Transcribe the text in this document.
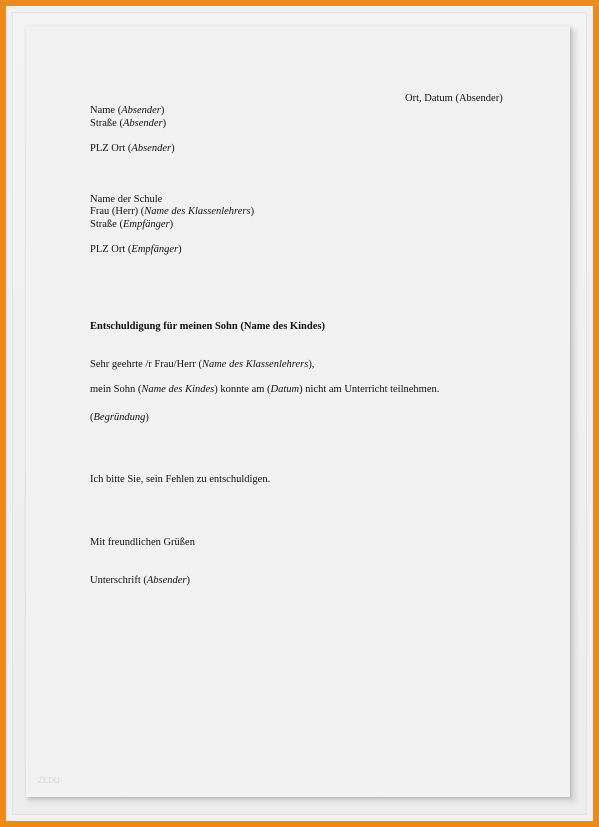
Ort, Datum (Absender)
Name (Absender)
Straße (Absender)
PLZ Ort (Absender)
Name der Schule
Frau (Herr) (Name des Klassenlehrers)
Straße (Empfänger)
PLZ Ort (Empfänger)
Entschuldigung für meinen Sohn (Name des Kindes)
Sehr geehrte /r Frau/Herr (Name des Klassenlehrers),
mein Sohn (Name des Kindes) konnte am (Datum) nicht am Unterricht teilnehmen.
(Begründung)
Ich bitte Sie, sein Fehlen zu entschuldigen.
Mit freundlichen Grüßen
Unterschrift (Absender)
ZEDU
